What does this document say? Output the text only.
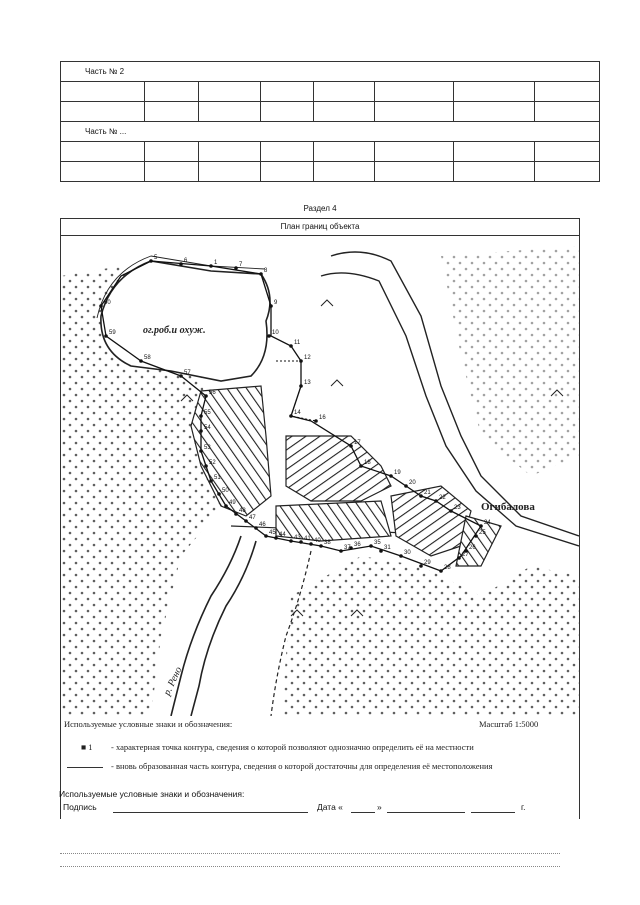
Часть № 2							

Часть № ...							

Раздел 4
План границ объекта
1
5	6
7
8
9
10
11
12
13
14
16
17
18
19
20
21
22
23
24
25
26
27
28
29
30
31
35
36
37
38
40
41
43
44
45
46
47
48
49
50
51
52
53
54
55
56
57
58
59
60
ог.роб.и охуж.
Огибалова
р. Рено
Используемые условные знаки и обозначения:	Масштаб 1:5000
■ 1 - характерная точка контура, сведения о которой позволяют однозначно определить её на местности
- вновь образованная часть контура, сведения о которой достаточны для определения её местоположения
Используемые условные знаки и обозначения:
Подпись	Дата «	»	г.
